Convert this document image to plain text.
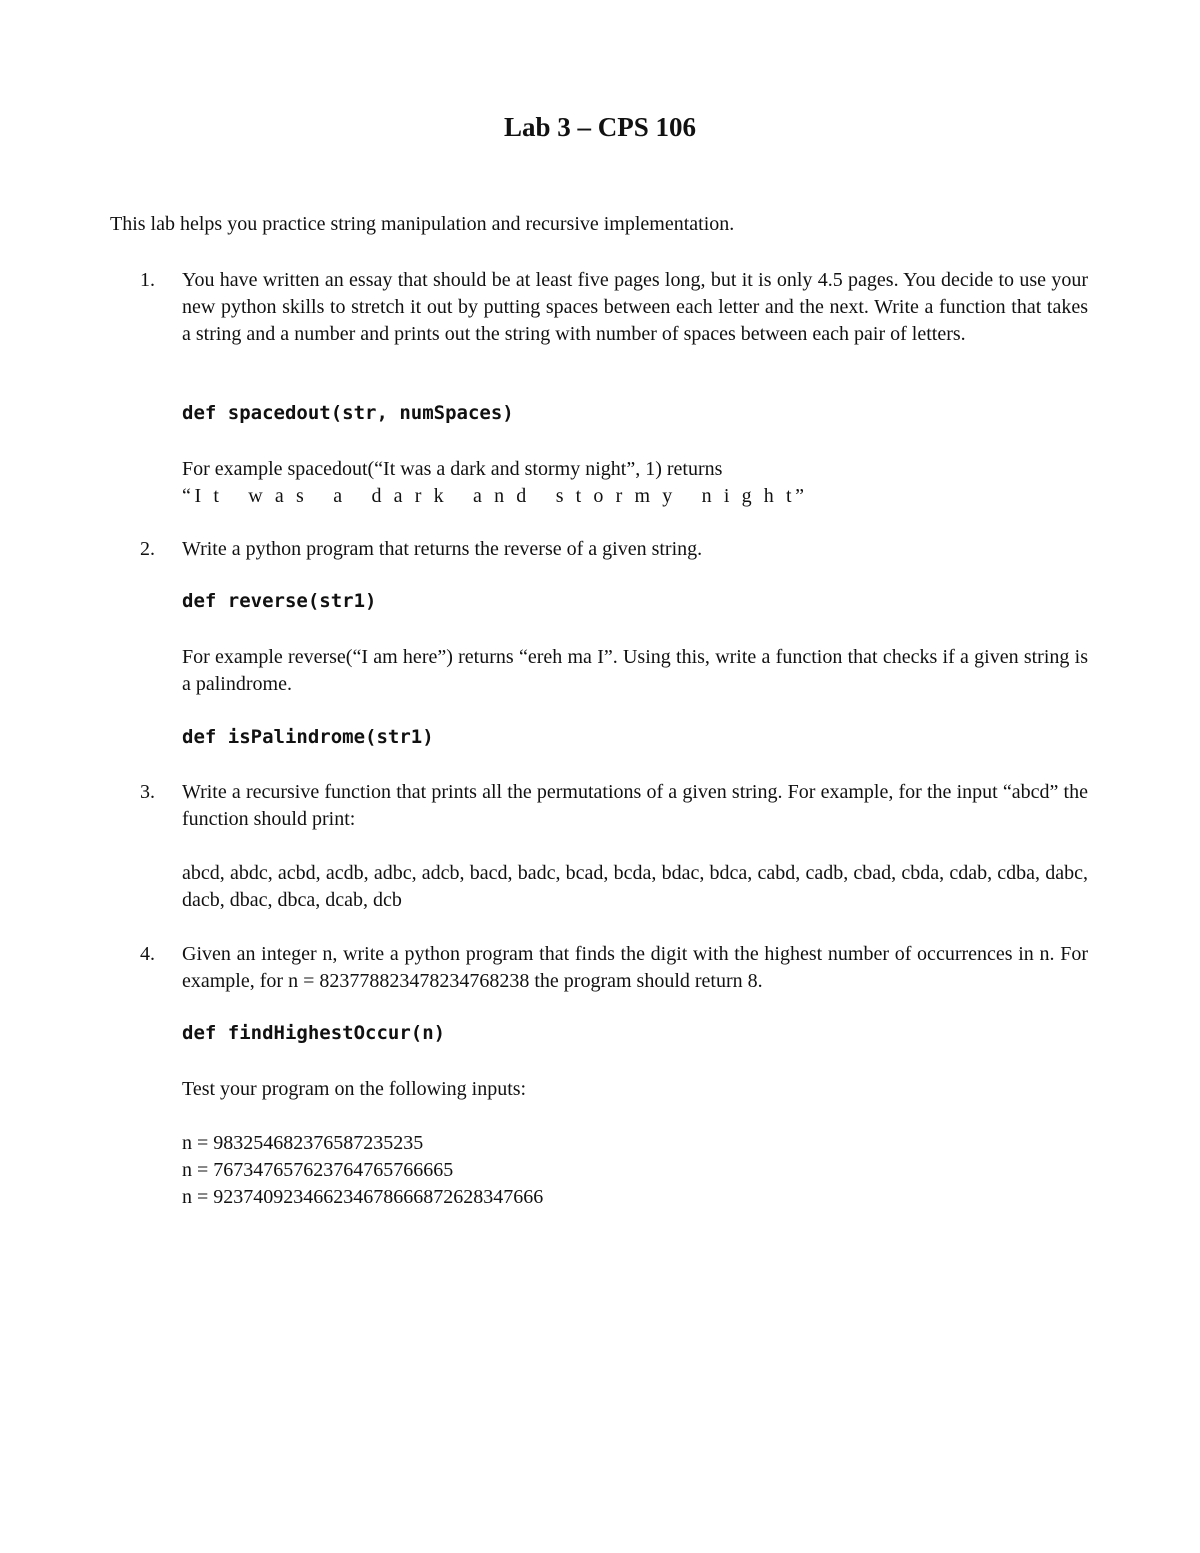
Lab 3 – CPS 106
This lab helps you practice string manipulation and recursive implementation.
1.	You have written an essay that should be at least five pages long, but it is only 4.5 pages. You decide to use your new python skills to stretch it out by putting spaces between each letter and the next. Write a function that takes a string and a number and prints out the string with number of spaces between each pair of letters.

def spacedout(str, numSpaces)
For example spacedout(“It was a dark and stormy night”, 1) returns
“I t   w a s   a   d a r k   a n d   s t o r m y   n i g h t”
2.	Write a python program that returns the reverse of a given string.

def reverse(str1)

For example reverse(“I am here”) returns “ereh ma I”. Using this, write a function that checks if a given string is a palindrome.

def isPalindrome(str1)
3.	Write a recursive function that prints all the permutations of a given string. For example, for the input “abcd” the function should print:

abcd, abdc, acbd, acdb, adbc, adcb, bacd, badc, bcad, bcda, bdac, bdca, cabd, cadb, cbad, cbda, cdab, cdba, dabc, dacb, dbac, dbca, dcab, dcb

4.	Given an integer n, write a python program that finds the digit with the highest number of occurrences in n. For example, for n = 823778823478234768238 the program should return 8.

def findHighestOccur(n)
Test your program on the following inputs:
n = 9832546823765872352​35
n = 7673476576237647657666​65
n = 923740923466234678666872628347666
